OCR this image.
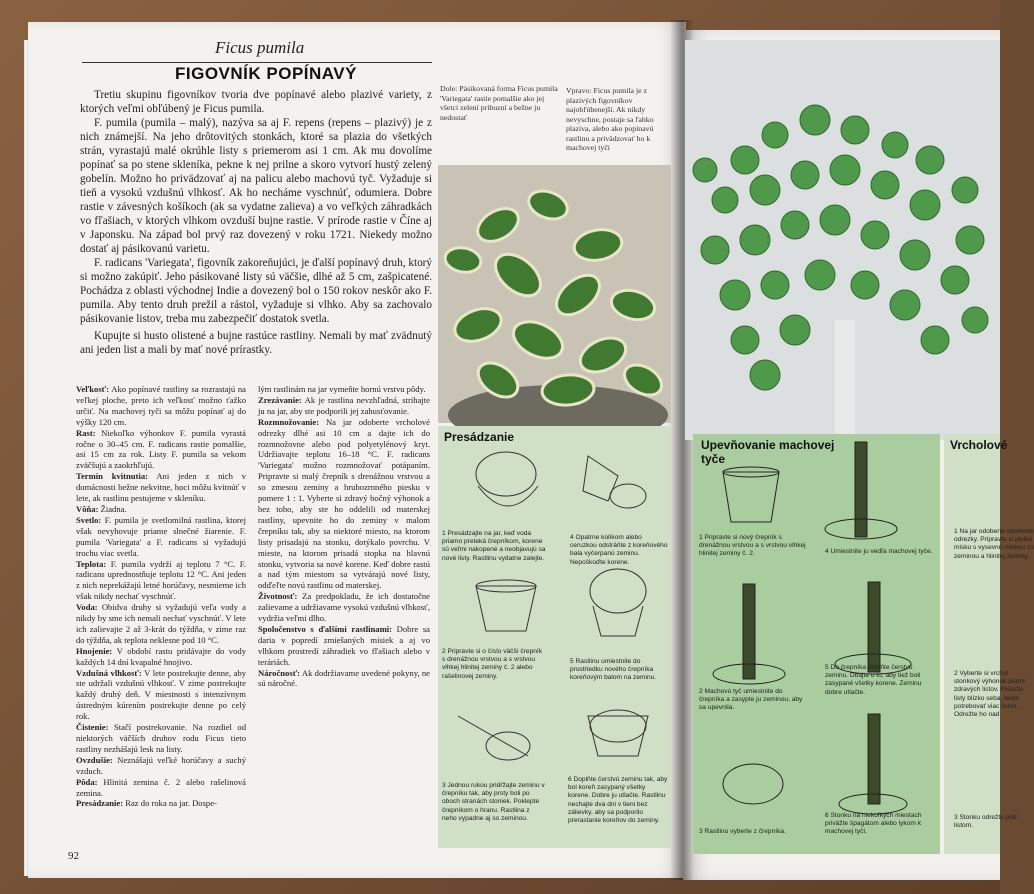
Ficus pumila
FIGOVNÍK POPÍNAVÝ

Tretiu skupinu figovníkov tvoria dve popínavé alebo plazivé variety, z ktorých veľmi obľúbený je Ficus pumila.

F. pumila (pumila – malý), nazýva sa aj F. repens (repens – plazivý) je z nich známejší. Na jeho drôtovitých stonkách, ktoré sa plazia do všetkých strán, vyrastajú malé okrúhle listy s priemerom asi 1 cm. Ak mu dovolíme popínať sa po stene skleníka, pekne k nej prilne a skoro vytvorí hustý zelený gobelín. Možno ho privädzovať aj na palicu alebo machovú tyč. Vyžaduje si tieň a vysokú vzdušnú vlhkosť. Ak ho necháme vyschnúť, odumiera. Dobre rastie v závesných košíkoch (ak sa vydatne zalieva) a vo veľkých záhradkách vo fľašiach, v ktorých vlhkom ovzduší bujne rastie. V prírode rastie v Číne aj v Japonsku. Na západ bol prvý raz dovezený v roku 1721. Niekedy možno dostať aj pásikovanú varietu.

F. radicans 'Variegata', figovník zakoreňujúci, je ďalší popínavý druh, ktorý si možno zakúpiť. Jeho pásikované listy sú väčšie, dlhé až 5 cm, zašpicatené. Pochádza z oblasti východnej Indie a dovezený bol o 150 rokov neskôr ako F. pumila. Aby tento druh prežil a rástol, vyžaduje si vlhko. Aby sa zachovalo pásikovanie listov, treba mu zabezpečiť dostatok svetla.

Kupujte si husto olistené a bujne rastúce rastliny. Nemali by mať zvädnutý ani jeden list a mali by mať nové prírastky.

Veľkosť: Ako popínavé rastliny sa rozrastajú na veľkej ploche, preto ich veľkosť možno ťažko určiť. Na machovej tyči sa môžu popínať aj do výšky 120 cm.

Rast: Niekoľko výhonkov F. pumila vyrastá ročne o 30–45 cm. F. radicans rastie pomalšie, asi 15 cm za rok. Listy F. pumila sa vekom zväčšujú a zaokrhľujú.

Termín kvitnutia: Ani jeden z nich v domácnosti bežne nekvitne, hoci môžu kvitnúť v lete, ak rastlinu pestujeme v skleníku.

Vôňa: Žiadna.

Svetlo: F. pumila je svetlomilná rastlina, ktorej však nevyhovuje priame slnečné žiarenie. F. pumila 'Variegata' a F. radicans si vyžadujú trochu viac svetla.

Teplota: F. pumila vydrží aj teplotu 7 °C. F. radicans uprednostňuje teplotu 12 °C. Ani jeden z nich neprekážajú letné horúčavy, nesmieme ich však nikdy nechať vyschnúť.

Voda: Obidva druhy si vyžadujú veľa vody a nikdy by sme ich nemali nechať vyschnúť. V lete ich zalievajte 2 až 3-krát do týždňa, v zime raz do týždňa, ak teplota neklesne pod 10 °C.

Hnojenie: V období rastu pridávajte do vody každých 14 dní kvapalné hnojivo.

Vzdušná vlhkosť: V lete postrekujte denne, aby ste udržali vzdušnú vlhkosť. V zime postrekujte každý druhý deň. V miestnosti s intenzívnym ústredným kúrením postrekujte denne po celý rok.

Čistenie: Stačí postrekovanie. Na rozdiel od niektorých väčších druhov rodu Ficus tieto rastliny nezhášajú lesk na listy.

Ovzdušie: Neznášajú veľké horúčavy a suchý vzduch.

Pôda: Hlinitá zemina č. 2 alebo rašelinová zemina.

Presádzanie: Raz do roka na jar. Dospe-

lým rastlinám na jar vymeňte hornú vrstvu pôdy.

Zrezávanie: Ak je rastlina nevzhľadná, strihajte ju na jar, aby ste podporili jej zahusťovanie.

Rozmnožovanie: Na jar odoberte vrcholové odrezky dlhé asi 10 cm a dajte ich do rozmnožovne alebo pod polyetylénový kryt. Udržiavajte teplotu 16–18 °C. F. radicans 'Variegata' možno rozmnožovať potápaním. Pripravte si malý črepník s drenážnou vrstvou a so zmesou zeminy a hrubozrnného piesku v pomere 1 : 1. Vyberte si zdravý bočný výhonok a bez toho, aby ste ho oddelili od materskej rastliny, upevnite ho do zeminy v malom črepníku tak, aby sa niektoré miesto, na ktorom listy prisadajú na stonku, dotýkalo povrchu. V mieste, na ktorom prisadá stopka na hlavnú stonku, vytvoria sa nové korene. Keď dobre rastú a nad tým miestom sa vytvárajú nové listy, odďeľte novú rastlinu od materskej.

Životnosť: Za predpokladu, že ich dostatočne zalievame a udržiavame vysokú vzdušnú vlhkosť, vydržia veľmi dlho.

Spoločenstvo s ďalšími rastlinami: Dobre sa daria v popredí zmiešaných misiek a aj vo vlhkom prostredí záhradiek vo fľašiach alebo v teráriách.

Náročnosť: Ak dodržiavame uvedené pokyny, ne sú náročné.

Dole: Pásikovaná forma Ficus pumila 'Variegata' rastie pomalšie ako jej všetci zelení príbuzní a bežne ju nedostať
Vpravo: Ficus pumila je z plazivých figovníkov najobľúbenejší. Ak nikdy nevyschne, postaje sa ľahko plaziva, alebo ako popínavú rastlinu a privädzovať ho k machovej tyči
Presádzanie
1 Presádzajte na jar, keď voda priamo preteká črepníkom, korene sú veľmi nakopené a neobjavujú sa nové listy. Rastlinu vydatne zalejte.
4 Opatrne kolíkom alebo ceruzkou odstráňte z koreňového bala vyčerpanú zeminu. Nepoškoďte korene.
2 Pripravte si o číslo väčší črepník s drenážnou vrstvou a s vrstvou vlhkej hlinitej zeminy č. 2 alebo rašelinovej zeminy.
5 Rastlinu umiestnite do prostriedku nového črepníka koreňovým balom na zeminu.
3 Jednou rukou pridŕžajte zeminu v črepníku tak, aby prsty boli po oboch stranách stoniek. Poklepte črepníkom o hranu. Rastlina z neho vypadne aj so zeminou.
6 Doplňte čerstvú zeminu tak, aby bol koreň zasypaný všetky korene. Dobre ju utlačte. Rastlinu nechajte dva dni v tieni bez zálievky, aby sa podporilo prerastanie koreňov do zeminy.
Upevňovanie machovej tyče
1 Pripravte si nový črepník s drenážnou vrstvou a s vrstvou vlhkej hlinitej zeminy č. 2.	4 Umiestnite ju vedľa machovej tyče.
2 Machovú tyč umiestnite do črepníka a zasypte ju zeminou, aby sa upevnila.
5 Do črepníka doplňte čerstvú zeminu. Dbajte o to, aby tiež boli zasypané všetky korene. Zeminu dobre utlačte.
3 Rastlinu vyberte z črepníka.
6 Stonku na niekoľkých miestach priväžte špagátom alebo lykom k machovej tyči.
Vrcholové
1 Na jar odoberte stonkové odrezky. Pripravte si plytkú misku s vysevnú miskou zo zeminou a hlinitej zeminy.
2 Vyberte si vrchol stonkový výhonok pármi zdravých listov. Pretože listy blízko seba, bude potrebovať viac listov. Odrežte ho nad
3 Stonku odrežte pod listom.
92
